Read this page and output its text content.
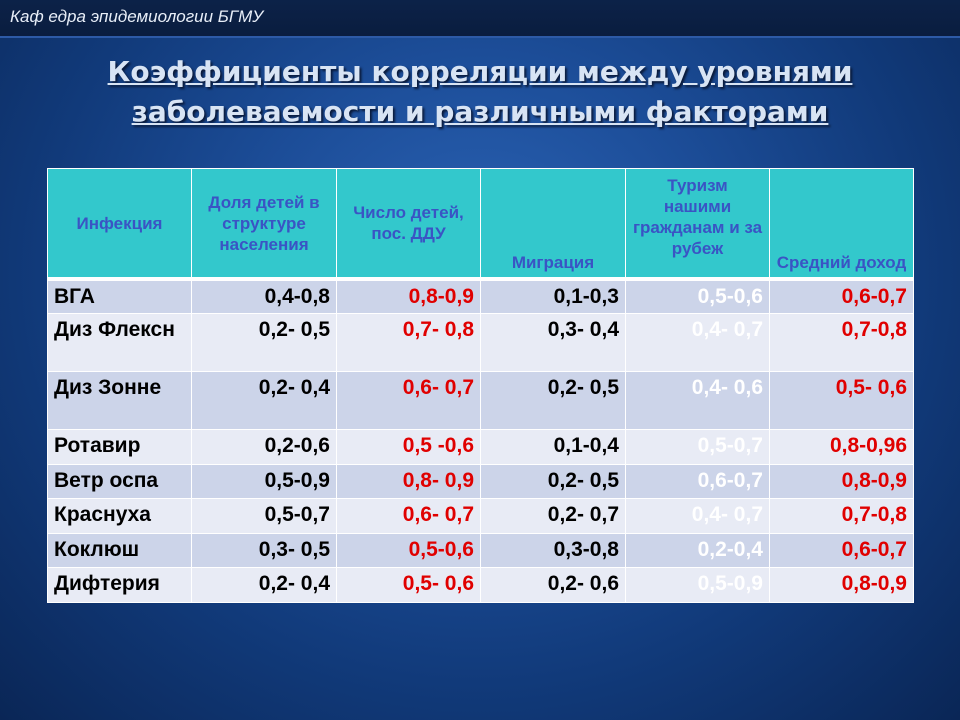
Каф едра эпидемиологии БГМУ
Коэффициенты корреляции между уровнями
заболеваемости и различными факторами
Инфекция	Доля детей в структуре населения	Число детей, пос. ДДУ	Миграция	Туризм нашими гражданам и за рубеж	Средний доход
ВГА	0,4-0,8	0,8-0,9	0,1-0,3	0,5-0,6	0,6-0,7
Диз Флексн	0,2- 0,5	0,7- 0,8	0,3- 0,4	0,4- 0,7	0,7-0,8
Диз Зонне	0,2- 0,4	0,6- 0,7	0,2- 0,5	0,4- 0,6	0,5- 0,6
Ротавир	0,2-0,6	0,5 -0,6	0,1-0,4	0,5-0,7	0,8-0,96
Ветр оспа	0,5-0,9	0,8- 0,9	0,2- 0,5	0,6-0,7	0,8-0,9
Краснуха	0,5-0,7	0,6- 0,7	0,2- 0,7	0,4- 0,7	0,7-0,8
Коклюш	0,3- 0,5	0,5-0,6	0,3-0,8	0,2-0,4	0,6-0,7
Дифтерия	0,2- 0,4	0,5- 0,6	0,2- 0,6	0,5-0,9	0,8-0,9
